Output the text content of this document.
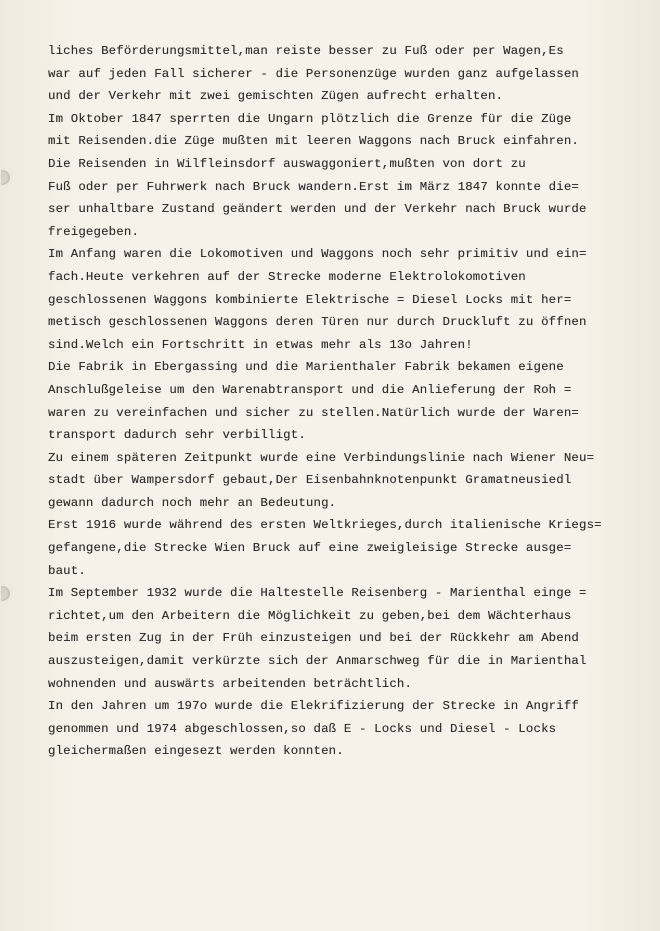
liches Beförderungsmittel,man reiste besser zu Fuß oder per Wagen,Es
war auf jeden Fall sicherer - die Personenzüge wurden ganz aufgelassen
und der Verkehr mit zwei gemischten Zügen aufrecht erhalten.
Im Oktober 1847 sperrten die Ungarn plötzlich die Grenze für die Züge
mit Reisenden.die Züge mußten mit leeren Waggons nach Bruck einfahren.
Die Reisenden in Wilfleinsdorf auswaggoniert,mußten von dort zu
Fuß oder per Fuhrwerk nach Bruck wandern.Erst im März 1847 konnte die=
ser unhaltbare Zustand geändert werden und der Verkehr nach Bruck wurde
freigegeben.
Im Anfang waren die Lokomotiven und Waggons noch sehr primitiv und ein=
fach.Heute verkehren auf der Strecke moderne Elektrolokomotiven
geschlossenen Waggons kombinierte Elektrische = Diesel Locks mit her=
metisch geschlossenen Waggons deren Türen nur durch Druckluft zu öffnen
sind.Welch ein Fortschritt in etwas mehr als 13o Jahren!
Die Fabrik in Ebergassing und die Marienthaler Fabrik bekamen eigene
Anschlußgeleise um den Warenabtransport und die Anlieferung der Roh =
waren zu vereinfachen und sicher zu stellen.Natürlich wurde der Waren=
transport dadurch sehr verbilligt.
Zu einem späteren Zeitpunkt wurde eine Verbindungslinie nach Wiener Neu=
stadt über Wampersdorf gebaut,Der Eisenbahnknotenpunkt Gramatneusiedl
gewann dadurch noch mehr an Bedeutung.
Erst 1916 wurde während des ersten Weltkrieges,durch italienische Kriegs=
gefangene,die Strecke Wien Bruck auf eine zweigleisige Strecke ausge=
baut.
Im September 1932 wurde die Haltestelle Reisenberg - Marienthal einge =
richtet,um den Arbeitern die Möglichkeit zu geben,bei dem Wächterhaus
beim ersten Zug in der Früh einzusteigen und bei der Rückkehr am Abend
auszusteigen,damit verkürzte sich der Anmarschweg für die in Marienthal
wohnenden und auswärts arbeitenden beträchtlich.
In den Jahren um 197o wurde die Elekrifizierung der Strecke in Angriff
genommen und 1974 abgeschlossen,so daß E - Locks und Diesel - Locks
gleichermaßen eingesezt werden konnten.
